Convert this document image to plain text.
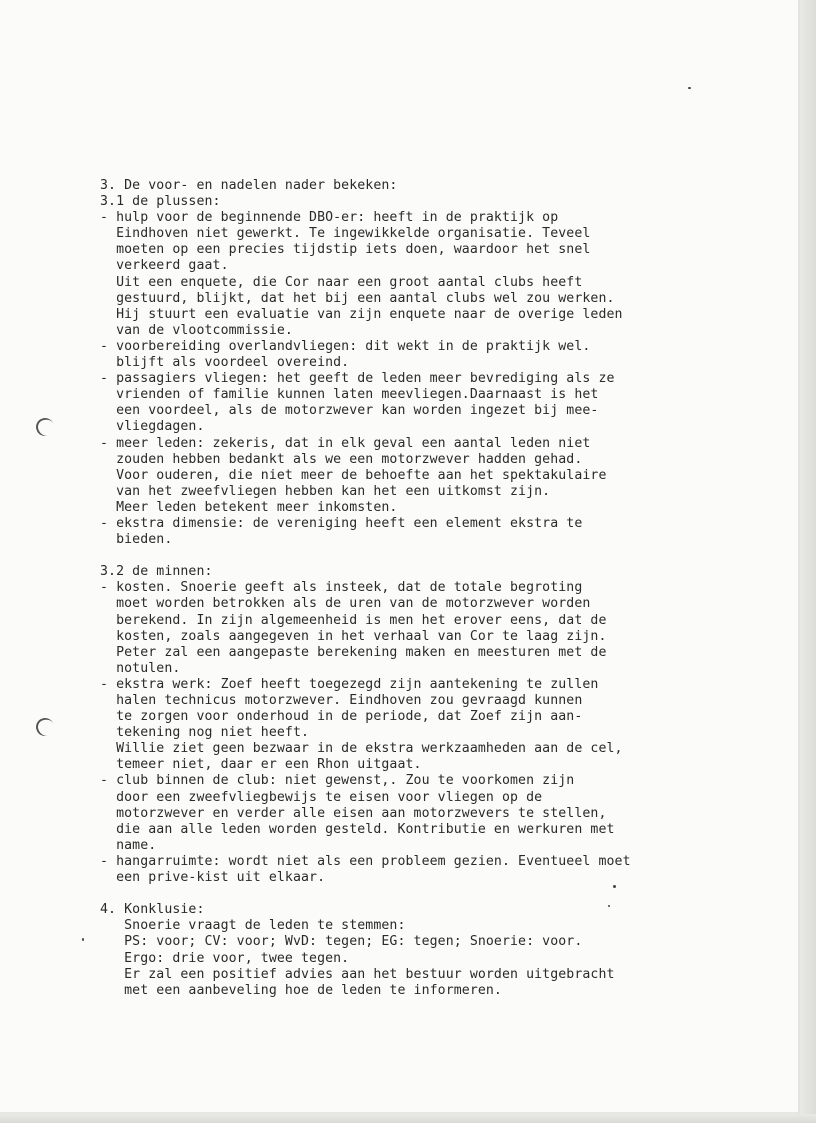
3. De voor- en nadelen nader bekeken:
3.1 de plussen:
- hulp voor de beginnende DBO-er: heeft in de praktijk op
Eindhoven niet gewerkt. Te ingewikkelde organisatie. Teveel
moeten op een precies tijdstip iets doen, waardoor het snel
verkeerd gaat.
Uit een enquete, die Cor naar een groot aantal clubs heeft
gestuurd, blijkt, dat het bij een aantal clubs wel zou werken.
Hij stuurt een evaluatie van zijn enquete naar de overige leden
van de vlootcommissie.
- voorbereiding overlandvliegen: dit wekt in de praktijk wel.
blijft als voordeel overeind.
- passagiers vliegen: het geeft de leden meer bevrediging als ze
vrienden of familie kunnen laten meevliegen.Daarnaast is het
een voordeel, als de motorzwever kan worden ingezet bij mee-
vliegdagen.
- meer leden: zekeris, dat in elk geval een aantal leden niet
zouden hebben bedankt als we een motorzwever hadden gehad.
Voor ouderen, die niet meer de behoefte aan het spektakulaire
van het zweefvliegen hebben kan het een uitkomst zijn.
Meer leden betekent meer inkomsten.
- ekstra dimensie: de vereniging heeft een element ekstra te
bieden.

3.2 de minnen:
- kosten. Snoerie geeft als insteek, dat de totale begroting
moet worden betrokken als de uren van de motorzwever worden
berekend. In zijn algemeenheid is men het erover eens, dat de
kosten, zoals aangegeven in het verhaal van Cor te laag zijn.
Peter zal een aangepaste berekening maken en meesturen met de
notulen.
- ekstra werk: Zoef heeft toegezegd zijn aantekening te zullen
halen technicus motorzwever. Eindhoven zou gevraagd kunnen
te zorgen voor onderhoud in de periode, dat Zoef zijn aan-
tekening nog niet heeft.
Willie ziet geen bezwaar in de ekstra werkzaamheden aan de cel,
temeer niet, daar er een Rhon uitgaat.
- club binnen de club: niet gewenst,. Zou te voorkomen zijn
door een zweefvliegbewijs te eisen voor vliegen op de
motorzwever en verder alle eisen aan motorzwevers te stellen,
die aan alle leden worden gesteld. Kontributie en werkuren met
name.
- hangarruimte: wordt niet als een probleem gezien. Eventueel moet
een prive-kist uit elkaar.

4. Konklusie:
Snoerie vraagt de leden te stemmen:
PS: voor; CV: voor; WvD: tegen; EG: tegen; Snoerie: voor.
Ergo: drie voor, twee tegen.
Er zal een positief advies aan het bestuur worden uitgebracht
met een aanbeveling hoe de leden te informeren.
